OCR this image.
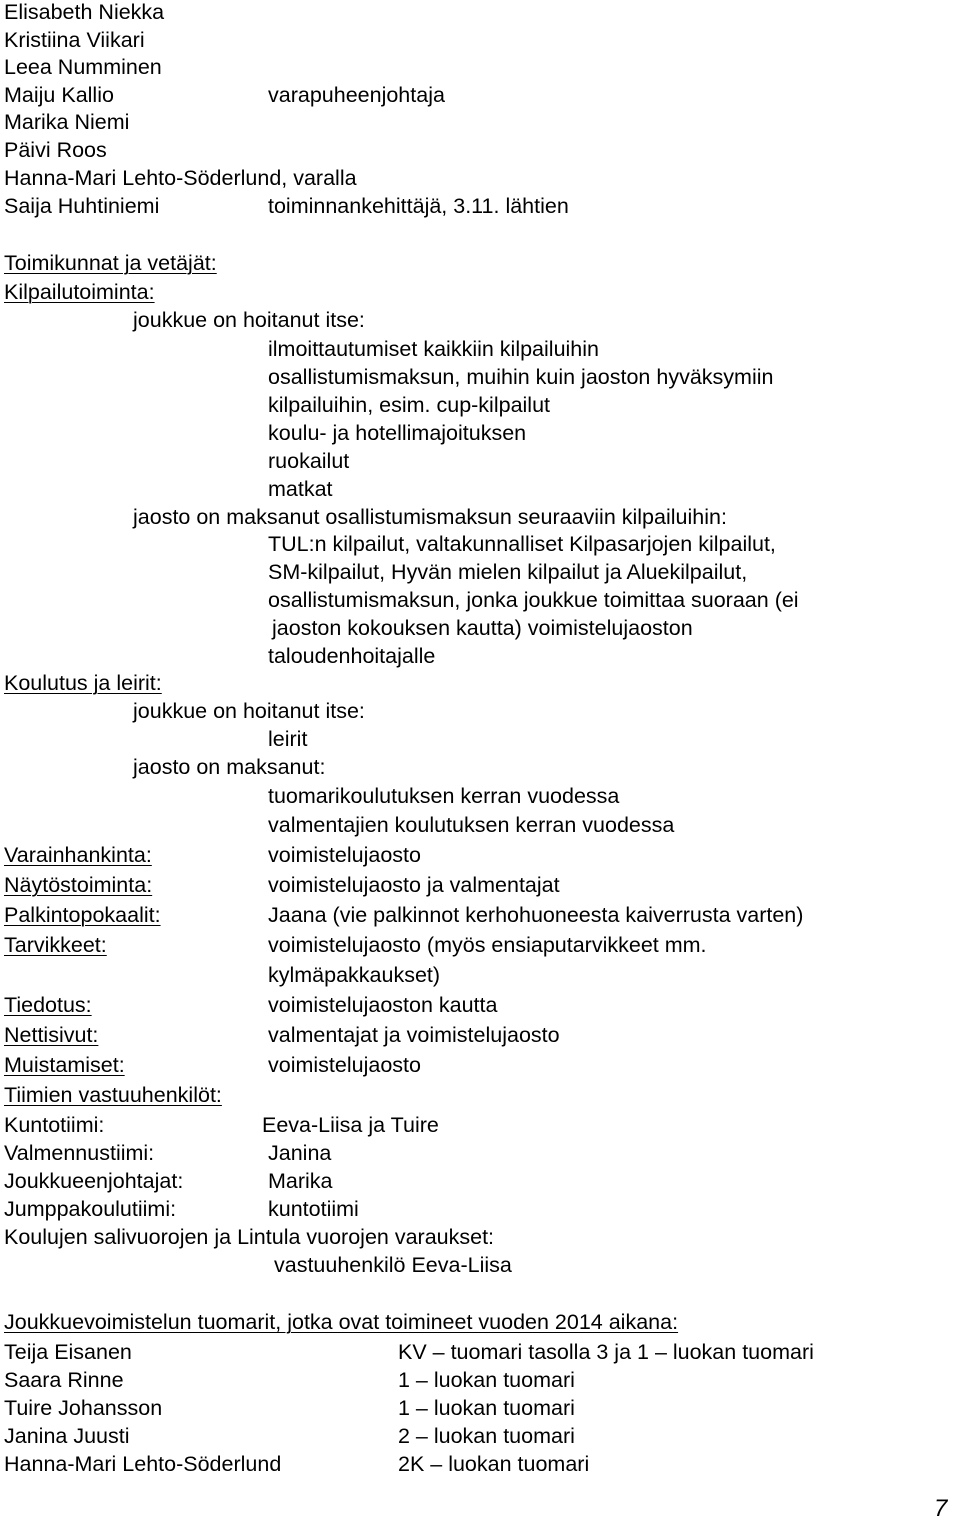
Elisabeth Niekka
Kristiina Viikari
Leea Numminen
Maiju Kallio	varapuheenjohtaja
Marika Niemi
Päivi Roos
Hanna-Mari Lehto-Söderlund, varalla
Saija Huhtiniemi	toiminnankehittäjä, 3.11. lähtien
Toimikunnat ja vetäjät:
Kilpailutoiminta:
joukkue on hoitanut itse:
ilmoittautumiset kaikkiin kilpailuihin
osallistumismaksun, muihin kuin jaoston hyväksymiin
kilpailuihin, esim. cup-kilpailut
koulu- ja hotellimajoituksen
ruokailut
matkat
jaosto on maksanut osallistumismaksun seuraaviin kilpailuihin:
TUL:n kilpailut, valtakunnalliset Kilpasarjojen kilpailut,
SM-kilpailut, Hyvän mielen kilpailut ja Aluekilpailut,
osallistumismaksun, jonka joukkue toimittaa suoraan (ei
jaoston kokouksen kautta) voimistelujaoston
taloudenhoitajalle
Koulutus ja leirit:
joukkue on hoitanut itse:
leirit
jaosto on maksanut:
tuomarikoulutuksen kerran vuodessa
valmentajien koulutuksen kerran vuodessa
Varainhankinta:	voimistelujaosto
Näytöstoiminta:	voimistelujaosto ja valmentajat
Palkintopokaalit:	Jaana (vie palkinnot kerhohuoneesta kaiverrusta varten)
Tarvikkeet:	voimistelujaosto (myös ensiaputarvikkeet mm.
kylmäpakkaukset)
Tiedotus:	voimistelujaoston kautta
Nettisivut:	valmentajat ja voimistelujaosto
Muistamiset:	voimistelujaosto
Tiimien vastuuhenkilöt:
Kuntotiimi:	Eeva-Liisa ja Tuire
Valmennustiimi:	Janina
Joukkueenjohtajat:	Marika
Jumppakoulutiimi:	kuntotiimi
Koulujen salivuorojen ja Lintula vuorojen varaukset:
vastuuhenkilö Eeva-Liisa
Joukkuevoimistelun tuomarit, jotka ovat toimineet vuoden 2014 aikana:
Teija Eisanen	KV – tuomari tasolla 3 ja 1 – luokan tuomari
Saara Rinne	1 – luokan tuomari
Tuire Johansson	1 – luokan tuomari
Janina Juusti	2 – luokan tuomari
Hanna-Mari Lehto-Söderlund	2K – luokan tuomari
7
